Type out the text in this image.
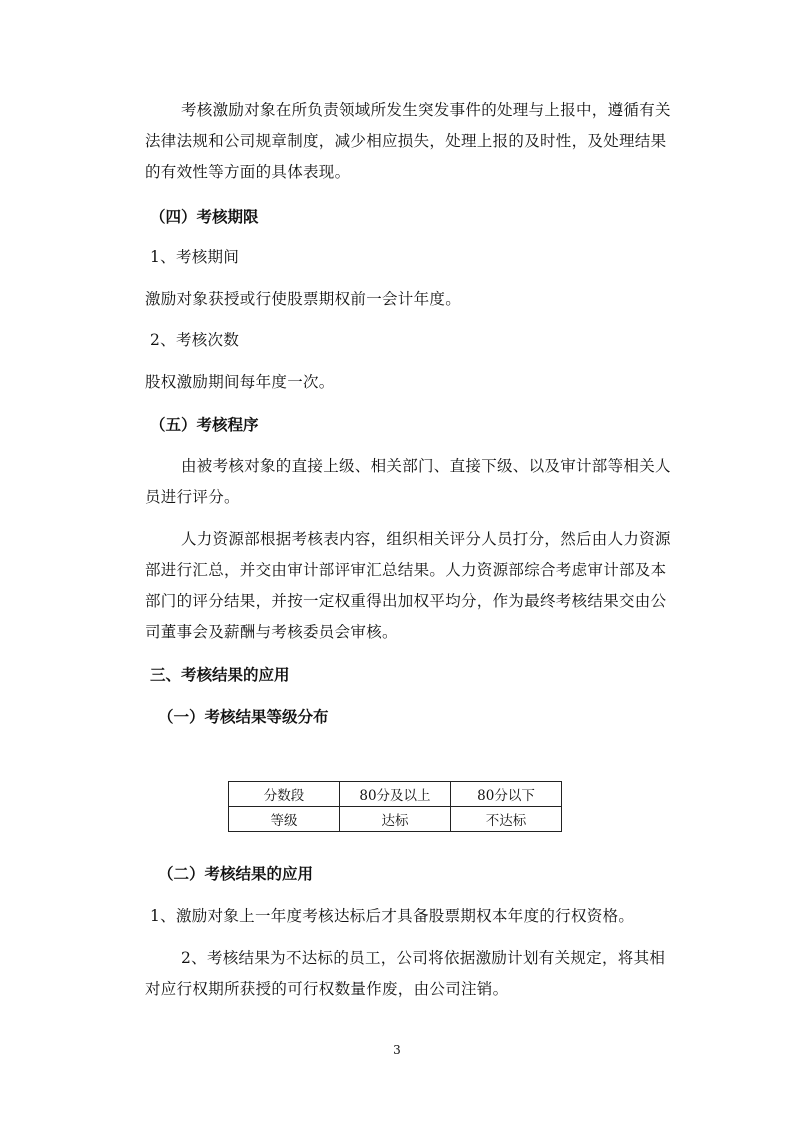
考核激励对象在所负责领域所发生突发事件的处理与上报中，遵循有关法律法规和公司规章制度，减少相应损失，处理上报的及时性，及处理结果的有效性等方面的具体表现。

（四）考核期限

1、考核期间

激励对象获授或行使股票期权前一会计年度。

2、考核次数

股权激励期间每年度一次。

（五）考核程序

由被考核对象的直接上级、相关部门、直接下级、以及审计部等相关人员进行评分。

人力资源部根据考核表内容，组织相关评分人员打分，然后由人力资源部进行汇总，并交由审计部评审汇总结果。人力资源部综合考虑审计部及本部门的评分结果，并按一定权重得出加权平均分，作为最终考核结果交由公司董事会及薪酬与考核委员会审核。

三、考核结果的应用

（一）考核结果等级分布

分数段	80分及以上	80分以下
等级	达标	不达标

（二）考核结果的应用

1、激励对象上一年度考核达标后才具备股票期权本年度的行权资格。

2、考核结果为不达标的员工，公司将依据激励计划有关规定，将其相对应行权期所获授的可行权数量作废，由公司注销。

3
